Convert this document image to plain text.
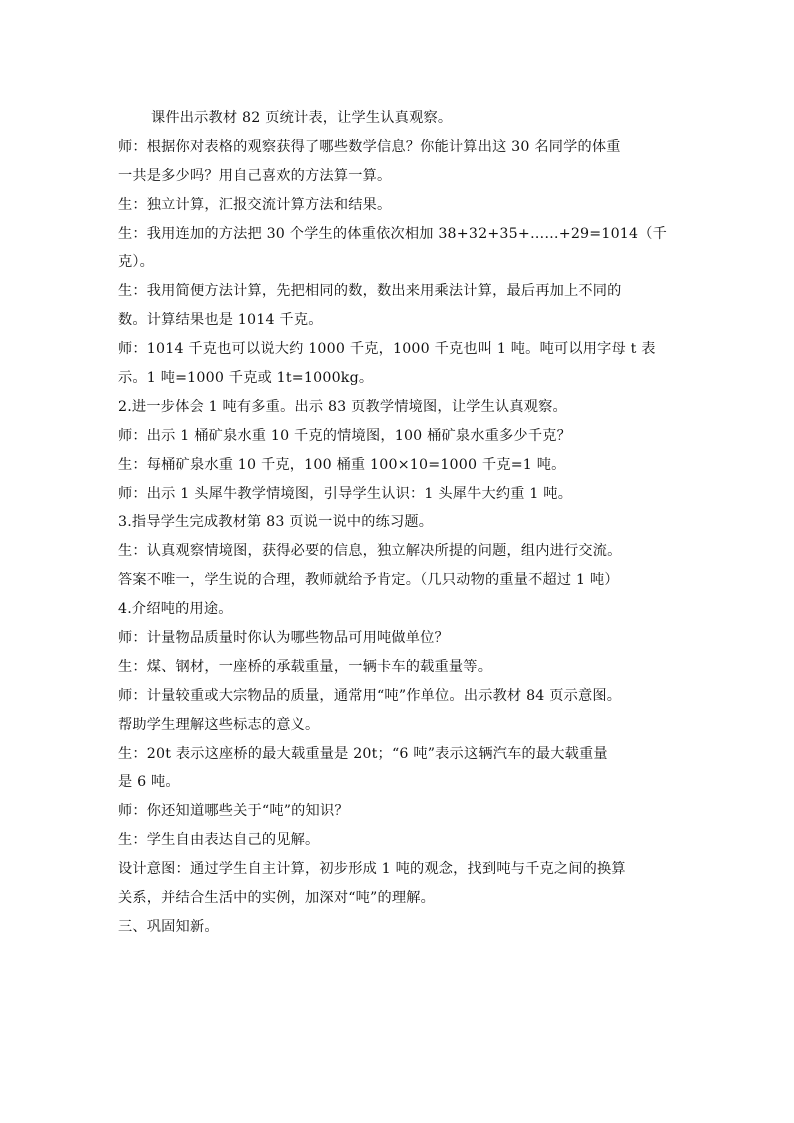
课件出示教材 82 页统计表，让学生认真观察。
师：根据你对表格的观察获得了哪些数学信息？你能计算出这 30 名同学的体重
一共是多少吗？用自己喜欢的方法算一算。
生：独立计算，汇报交流计算方法和结果。
生：我用连加的方法把 30 个学生的体重依次相加 38+32+35+……+29=1014（千
克）。
生：我用简便方法计算，先把相同的数，数出来用乘法计算，最后再加上不同的
数。计算结果也是 1014 千克。
师：1014 千克也可以说大约 1000 千克，1000 千克也叫 1 吨。吨可以用字母 t 表
示。1 吨=1000 千克或 1t=1000kg。
2.进一步体会 1 吨有多重。出示 83 页教学情境图，让学生认真观察。
师：出示 1 桶矿泉水重 10 千克的情境图，100 桶矿泉水重多少千克？
生：每桶矿泉水重 10 千克，100 桶重 100×10=1000 千克=1 吨。
师：出示 1 头犀牛教学情境图，引导学生认识：1 头犀牛大约重 1 吨。
3.指导学生完成教材第 83 页说一说中的练习题。
生：认真观察情境图，获得必要的信息，独立解决所提的问题，组内进行交流。
答案不唯一，学生说的合理，教师就给予肯定。（几只动物的重量不超过 1 吨）
4.介绍吨的用途。
师：计量物品质量时你认为哪些物品可用吨做单位？
生：煤、钢材，一座桥的承载重量，一辆卡车的载重量等。
师：计量较重或大宗物品的质量，通常用“吨”作单位。出示教材 84 页示意图。
帮助学生理解这些标志的意义。
生：20t 表示这座桥的最大载重量是 20t；“6 吨”表示这辆汽车的最大载重量
是 6 吨。
师：你还知道哪些关于“吨”的知识？
生：学生自由表达自己的见解。
设计意图：通过学生自主计算，初步形成 1 吨的观念，找到吨与千克之间的换算
关系，并结合生活中的实例，加深对“吨”的理解。
三、巩固知新。
